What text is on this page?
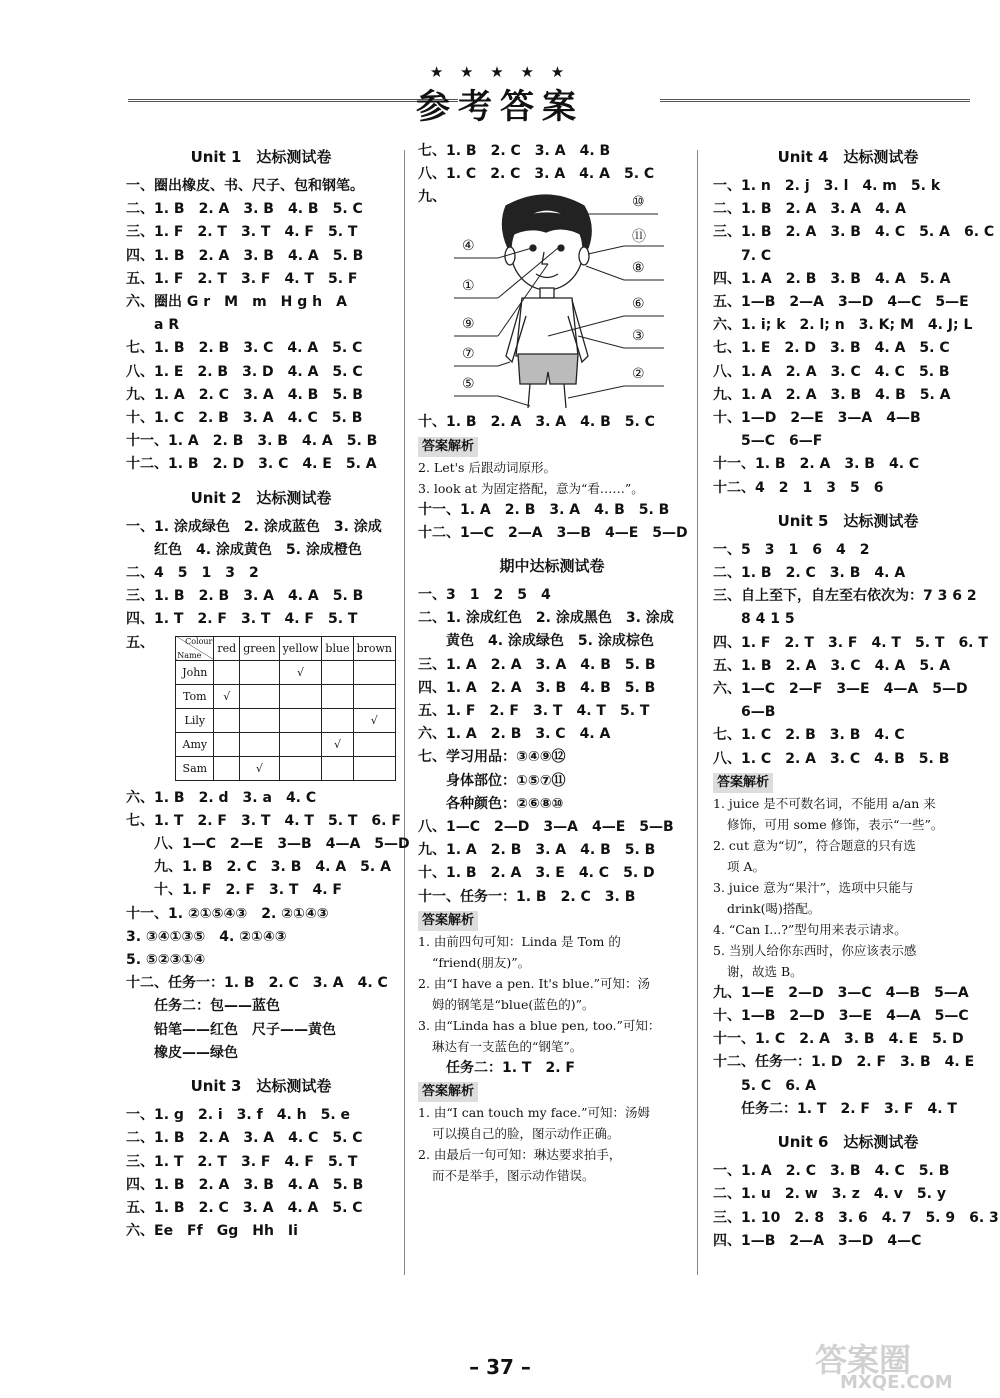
★ ★ ★ ★ ★
参考答案
Unit 1　达标测试卷
一、圈出橡皮、书、尺子、包和钢笔。
二、1. B　2. A　3. B　4. B　5. C
三、1. F　2. T　3. T　4. F　5. T
四、1. B　2. A　3. B　4. A　5. B
五、1. F　2. T　3. F　4. T　5. F
六、圈出 G r　M　m　H g h　A
a R
七、1. B　2. B　3. C　4. A　5. C
八、1. E　2. B　3. D　4. A　5. C
九、1. A　2. C　3. A　4. B　5. B
十、1. C　2. B　3. A　4. C　5. B
十一、1. A　2. B　3. B　4. A　5. B
十二、1. B　2. D　3. C　4. E　5. A
Unit 2　达标测试卷
一、1. 涂成绿色　2. 涂成蓝色　3. 涂成
红色　4. 涂成黄色　5. 涂成橙色
二、4　5　1　3　2
三、1. B　2. B　3. A　4. A　5. B
四、1. T　2. F　3. T　4. F　5. T
五、	Colour
Name	red	green	yellow	blue	brown
John			√		
Tom	√				
Lily					√
Amy				√	
Sam		√			
六、1. B　2. d　3. a　4. C
七、1. T　2. F　3. T　4. T　5. T　6. F
八、1—C　2—E　3—B　4—A　5—D
九、1. B　2. C　3. B　4. A　5. A
十、1. F　2. F　3. T　4. F
十一、1. ②①⑤④③　2. ②①④③
3. ③④①③⑤　4. ②①④③
5. ⑤②③①④
十二、任务一：1. B　2. C　3. A　4. C
任务二：包——蓝色
铅笔——红色　尺子——黄色
橡皮——绿色
Unit 3　达标测试卷
一、1. g　2. i　3. f　4. h　5. e
二、1. B　2. A　3. A　4. C　5. C
三、1. T　2. T　3. F　4. F　5. T
四、1. B　2. A　3. B　4. A　5. B
五、1. B　2. C　3. A　4. A　5. C
六、Ee　Ff　Gg　Hh　Ii
七、1. B　2. C　3. A　4. B
八、1. C　2. C　3. A　4. A　5. C
九、	⑩
④
⑪
①
⑧
⑥
⑨
③
⑦
②
⑤
十、1. B　2. A　3. A　4. B　5. C
答案解析
2. Let's 后跟动词原形。
3. look at 为固定搭配，意为“看……”。
十一、1. A　2. B　3. A　4. B　5. B
十二、1—C　2—A　3—B　4—E　5—D
期中达标测试卷
一、3　1　2　5　4
二、1. 涂成红色　2. 涂成黑色　3. 涂成
黄色　4. 涂成绿色　5. 涂成棕色
三、1. A　2. A　3. A　4. B　5. B
四、1. A　2. A　3. B　4. B　5. B
五、1. F　2. F　3. T　4. T　5. T
六、1. A　2. B　3. C　4. A
七、学习用品：③④⑨⑫
身体部位：①⑤⑦⑪
各种颜色：②⑥⑧⑩
八、1—C　2—D　3—A　4—E　5—B
九、1. A　2. B　3. A　4. B　5. B
十、1. B　2. A　3. E　4. C　5. D
十一、任务一：1. B　2. C　3. B
答案解析
1. 由前四句可知：Linda 是 Tom 的
“friend(朋友)”。
2. 由“I have a pen. It's blue.”可知：汤
姆的钢笔是“blue(蓝色的)”。
3. 由“Linda has a blue pen, too.”可知：
琳达有一支蓝色的“钢笔”。
任务二：1. T　2. F
答案解析
1. 由“I can touch my face.”可知：汤姆
可以摸自己的脸，图示动作正确。
2. 由最后一句可知：琳达要求拍手，
而不是举手，图示动作错误。
Unit 4　达标测试卷
一、1. n　2. j　3. l　4. m　5. k
二、1. B　2. A　3. A　4. A
三、1. B　2. A　3. B　4. C　5. A　6. C
7. C
四、1. A　2. B　3. B　4. A　5. A
五、1—B　2—A　3—D　4—C　5—E
六、1. i; k　2. l; n　3. K; M　4. J; L
七、1. E　2. D　3. B　4. A　5. C
八、1. A　2. A　3. C　4. C　5. B
九、1. A　2. A　3. B　4. B　5. A
十、1—D　2—E　3—A　4—B
5—C　6—F
十一、1. B　2. A　3. B　4. C
十二、4　2　1　3　5　6
Unit 5　达标测试卷
一、5　3　1　6　4　2
二、1. B　2. C　3. B　4. A
三、自上至下，自左至右依次为：7 3 6 2
8 4 1 5
四、1. F　2. T　3. F　4. T　5. T　6. T
五、1. B　2. A　3. C　4. A　5. A
六、1—C　2—F　3—E　4—A　5—D
6—B
七、1. C　2. B　3. B　4. C
八、1. C　2. A　3. C　4. B　5. B
答案解析
1. juice 是不可数名词，不能用 a/an 来
修饰，可用 some 修饰，表示“一些”。
2. cut 意为“切”，符合题意的只有选
项 A。
3. juice 意为“果汁”，选项中只能与
drink(喝)搭配。
4. “Can I...?”型句用来表示请求。
5. 当别人给你东西时，你应该表示感
谢，故选 B。
九、1—E　2—D　3—C　4—B　5—A
十、1—B　2—D　3—E　4—A　5—C
十一、1. C　2. A　3. B　4. E　5. D
十二、任务一：1. D　2. F　3. B　4. E
5. C　6. A
任务二：1. T　2. F　3. F　4. T
Unit 6　达标测试卷
一、1. A　2. C　3. B　4. C　5. B
二、1. u　2. w　3. z　4. v　5. y
三、1. 10　2. 8　3. 6　4. 7　5. 9　6. 3
四、1—B　2—A　3—D　4—C
– 37 –	答案圈
MXQE.COM
